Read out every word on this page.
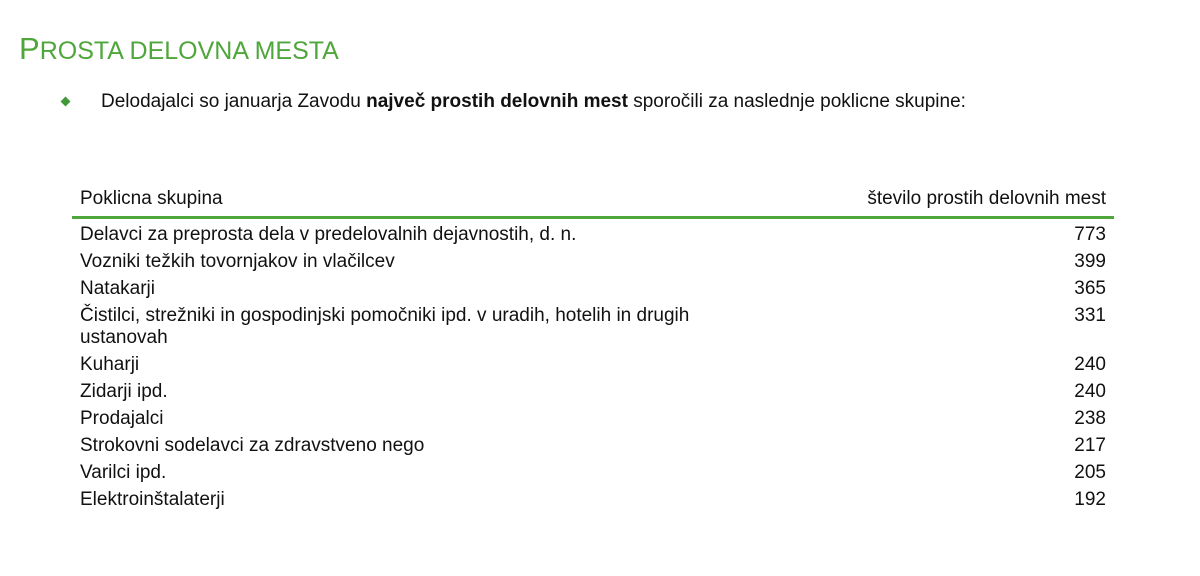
PROSTA DELOVNA MESTA
Delodajalci so januarja Zavodu največ prostih delovnih mest sporočili za naslednje poklicne skupine:
Poklicna skupina	število prostih delovnih mest
Delavci za preprosta dela v predelovalnih dejavnostih, d. n.	773
Vozniki težkih tovornjakov in vlačilcev	399
Natakarji	365
Čistilci, strežniki in gospodinjski pomočniki ipd. v uradih, hotelih in drugih ustanovah	331
Kuharji	240
Zidarji ipd.	240
Prodajalci	238
Strokovni sodelavci za zdravstveno nego	217
Varilci ipd.	205
Elektroinštalaterji	192
